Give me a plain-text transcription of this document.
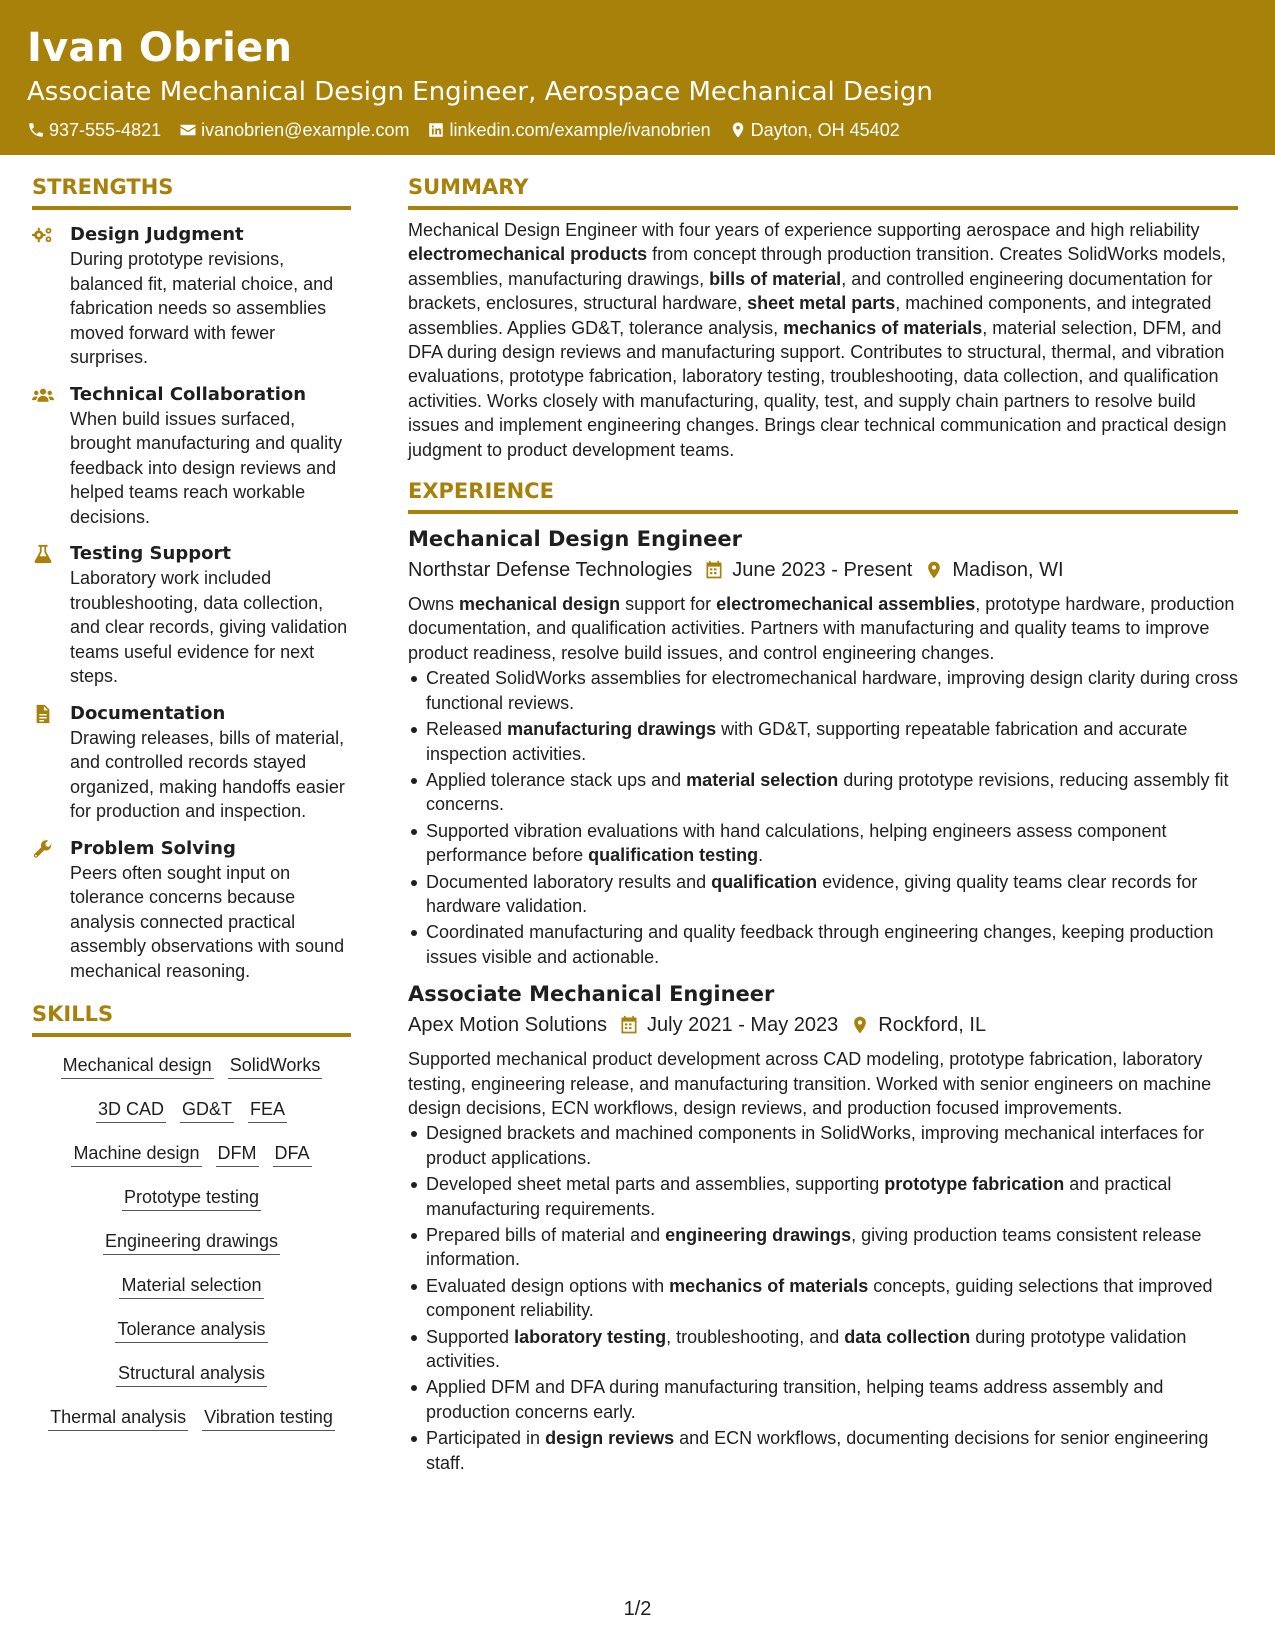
Ivan Obrien
Associate Mechanical Design Engineer, Aerospace Mechanical Design
937-555-4821 ivanobrien@example.com linkedin.com/example/ivanobrien Dayton, OH 45402
STRENGTHS
Design Judgment
During prototype revisions, balanced fit, material choice, and fabrication needs so assemblies moved forward with fewer surprises.
Technical Collaboration
When build issues surfaced, brought manufacturing and quality feedback into design reviews and helped teams reach workable decisions.
Testing Support
Laboratory work included troubleshooting, data collection, and clear records, giving validation teams useful evidence for next steps.
Documentation
Drawing releases, bills of material, and controlled records stayed organized, making handoffs easier for production and inspection.
Problem Solving
Peers often sought input on tolerance concerns because analysis connected practical assembly observations with sound mechanical reasoning.
SKILLS
Mechanical design SolidWorks
3D CAD GD&T FEA
Machine design DFM DFA
Prototype testing
Engineering drawings
Material selection
Tolerance analysis
Structural analysis
Thermal analysis Vibration testing
SUMMARY
Mechanical Design Engineer with four years of experience supporting aerospace and high reliability electromechanical products from concept through production transition. Creates SolidWorks models, assemblies, manufacturing drawings, bills of material, and controlled engineering documentation for brackets, enclosures, structural hardware, sheet metal parts, machined components, and integrated assemblies. Applies GD&T, tolerance analysis, mechanics of materials, material selection, DFM, and DFA during design reviews and manufacturing support. Contributes to structural, thermal, and vibration evaluations, prototype fabrication, laboratory testing, troubleshooting, data collection, and qualification activities. Works closely with manufacturing, quality, test, and supply chain partners to resolve build issues and implement engineering changes. Brings clear technical communication and practical design judgment to product development teams.
EXPERIENCE
Mechanical Design Engineer
Northstar Defense Technologies June 2023 - Present Madison, WI
Owns mechanical design support for electromechanical assemblies, prototype hardware, production documentation, and qualification activities. Partners with manufacturing and quality teams to improve product readiness, resolve build issues, and control engineering changes.
Created SolidWorks assemblies for electromechanical hardware, improving design clarity during cross functional reviews.
Released manufacturing drawings with GD&T, supporting repeatable fabrication and accurate inspection activities.
Applied tolerance stack ups and material selection during prototype revisions, reducing assembly fit concerns.
Supported vibration evaluations with hand calculations, helping engineers assess component performance before qualification testing.
Documented laboratory results and qualification evidence, giving quality teams clear records for hardware validation.
Coordinated manufacturing and quality feedback through engineering changes, keeping production issues visible and actionable.
Associate Mechanical Engineer
Apex Motion Solutions July 2021 - May 2023 Rockford, IL
Supported mechanical product development across CAD modeling, prototype fabrication, laboratory testing, engineering release, and manufacturing transition. Worked with senior engineers on machine design decisions, ECN workflows, design reviews, and production focused improvements.
Designed brackets and machined components in SolidWorks, improving mechanical interfaces for product applications.
Developed sheet metal parts and assemblies, supporting prototype fabrication and practical manufacturing requirements.
Prepared bills of material and engineering drawings, giving production teams consistent release information.
Evaluated design options with mechanics of materials concepts, guiding selections that improved component reliability.
Supported laboratory testing, troubleshooting, and data collection during prototype validation activities.
Applied DFM and DFA during manufacturing transition, helping teams address assembly and production concerns early.
Participated in design reviews and ECN workflows, documenting decisions for senior engineering staff.
1/2
